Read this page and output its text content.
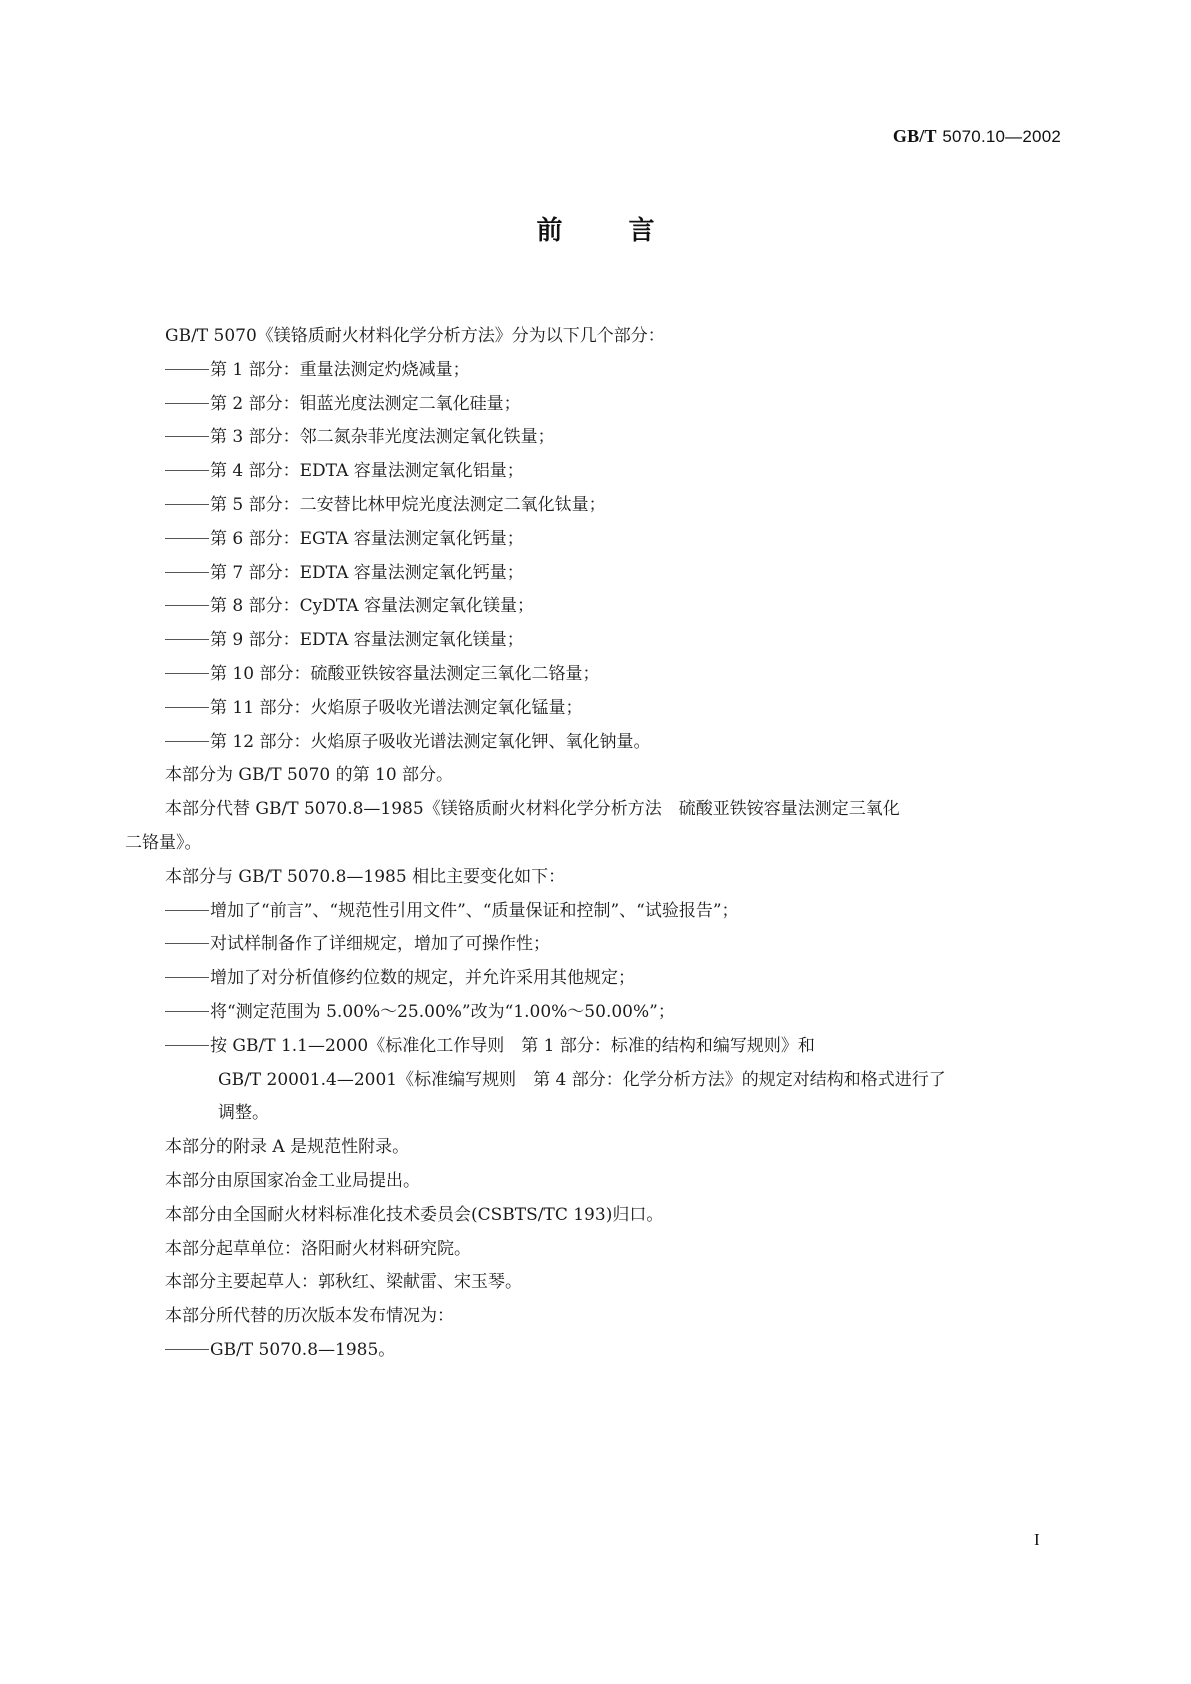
GB/T 5070.10—2002
前言
GB/T 5070《镁铬质耐火材料化学分析方法》分为以下几个部分：
第 1 部分：重量法测定灼烧减量；
第 2 部分：钼蓝光度法测定二氧化硅量；
第 3 部分：邻二氮杂菲光度法测定氧化铁量；
第 4 部分：EDTA 容量法测定氧化铝量；
第 5 部分：二安替比林甲烷光度法测定二氧化钛量；
第 6 部分：EGTA 容量法测定氧化钙量；
第 7 部分：EDTA 容量法测定氧化钙量；
第 8 部分：CyDTA 容量法测定氧化镁量；
第 9 部分：EDTA 容量法测定氧化镁量；
第 10 部分：硫酸亚铁铵容量法测定三氧化二铬量；
第 11 部分：火焰原子吸收光谱法测定氧化锰量；
第 12 部分：火焰原子吸收光谱法测定氧化钾、氧化钠量。
本部分为 GB/T 5070 的第 10 部分。
本部分代替 GB/T 5070.8—1985《镁铬质耐火材料化学分析方法　硫酸亚铁铵容量法测定三氧化
二铬量》。
本部分与 GB/T 5070.8—1985 相比主要变化如下：
增加了“前言”、“规范性引用文件”、“质量保证和控制”、“试验报告”；
对试样制备作了详细规定，增加了可操作性；
增加了对分析值修约位数的规定，并允许采用其他规定；
将“测定范围为 5.00%～25.00%”改为“1.00%～50.00%”；
按 GB/T 1.1—2000《标准化工作导则　第 1 部分：标准的结构和编写规则》和
GB/T 20001.4—2001《标准编写规则　第 4 部分：化学分析方法》的规定对结构和格式进行了
调整。
本部分的附录 A 是规范性附录。
本部分由原国家冶金工业局提出。
本部分由全国耐火材料标准化技术委员会(CSBTS/TC 193)归口。
本部分起草单位：洛阳耐火材料研究院。
本部分主要起草人：郭秋红、梁献雷、宋玉琴。
本部分所代替的历次版本发布情况为：
GB/T 5070.8—1985。
I
